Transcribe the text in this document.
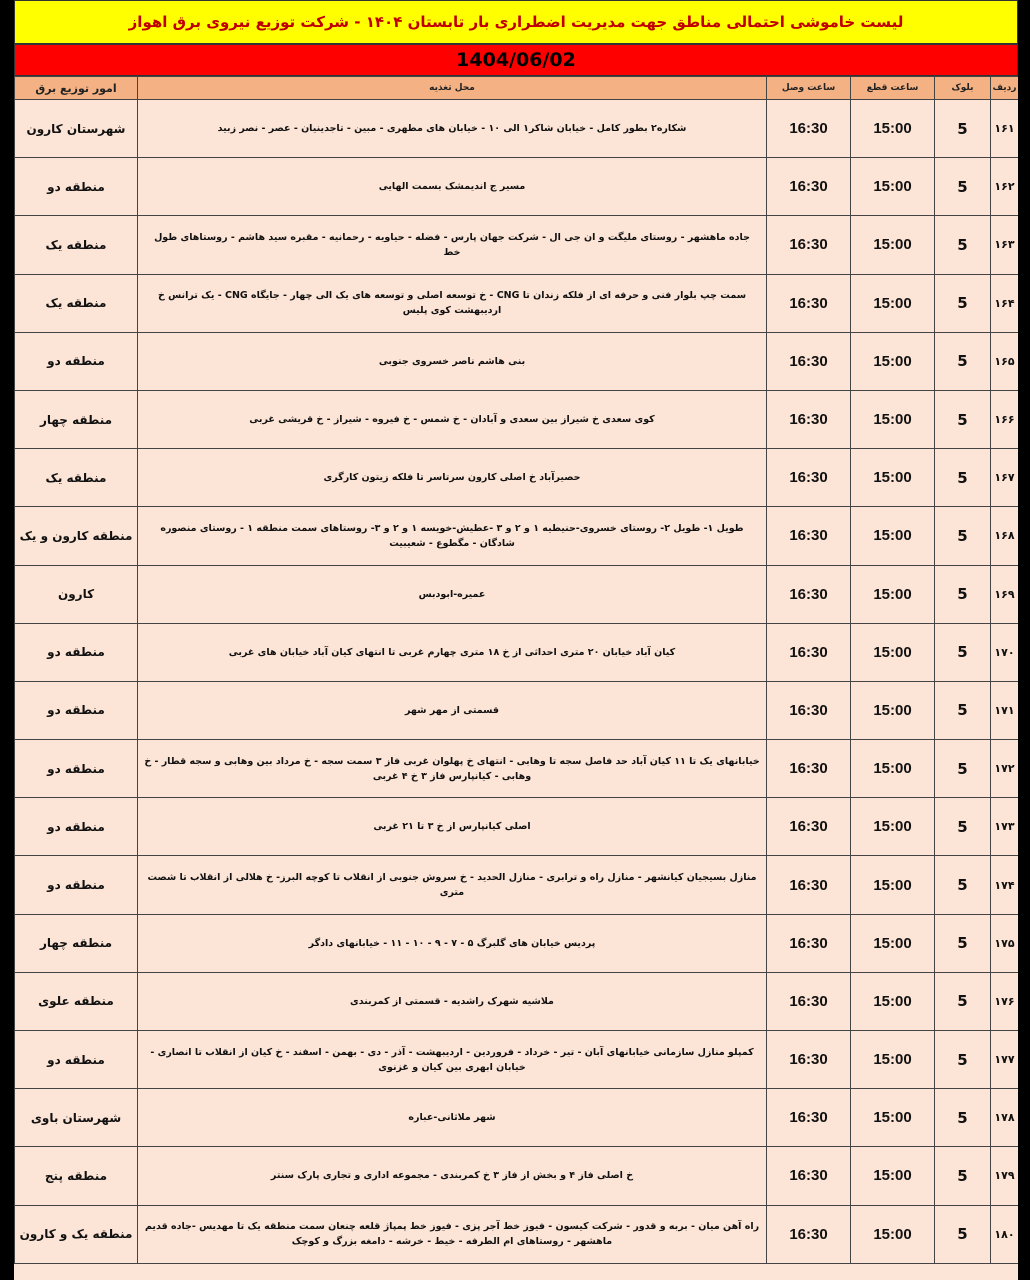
لیست خاموشی احتمالی مناطق جهت مدیریت اضطراری بار تابستان ۱۴۰۴ - شرکت توزیع نیروی برق اهواز
1404/06/02
ردیف	بلوک	ساعت قطع	ساعت وصل	محل تغذیه	امور توزیع برق
۱۶۱	5	15:00	16:30	شکاره۲ بطور کامل - خیابان شاکر۱ الی ۱۰ - خیابان های مطهری - مبین - تاجدینیان - عصر - نصر زبید	شهرستان کارون
۱۶۲	5	15:00	16:30	مسیر ج اندیمشک بسمت الهایی	منطقه دو
۱۶۳	5	15:00	16:30	جاده ماهشهر - روستای ملیگت و ان جی ال - شرکت جهان پارس - فضله - حیاویه - رحمانیه - مقبره سید هاشم - روستاهای طول خط	منطقه یک
۱۶۴	5	15:00	16:30	سمت چپ بلوار فنی و حرفه ای از فلکه زندان تا CNG - خ توسعه اصلی و توسعه های یک الی چهار - جایگاه CNG - یک ترانس خ اردیبهشت کوی پلیس	منطقه یک
۱۶۵	5	15:00	16:30	بنی هاشم ناصر خسروی جنوبی	منطقه دو
۱۶۶	5	15:00	16:30	کوی سعدی خ شیراز بین سعدی و آبادان - خ شمس - خ فیروه - شیراز - خ قریشی غربی	منطقه چهار
۱۶۷	5	15:00	16:30	حصیرآباد خ اصلی کارون سرتاسر تا فلکه زیتون کارگری	منطقه یک
۱۶۸	5	15:00	16:30	طویل ۱- طویل ۲- روستای خسروی-حنیطیه ۱ و ۲ و ۳ -عطیش-خویسه ۱ و ۲ و ۳- روستاهای سمت منطقه ۱ - روستای منصوره شادگان - مگطوع - شعیبیت	منطقه کارون و یک
۱۶۹	5	15:00	16:30	عمیره-ابودبس	کارون
۱۷۰	5	15:00	16:30	کیان آباد خیابان ۲۰ متری احداثی از خ ۱۸ متری چهارم غربی تا انتهای کیان آباد خیابان های غربی	منطقه دو
۱۷۱	5	15:00	16:30	قسمتی از مهر شهر	منطقه دو
۱۷۲	5	15:00	16:30	خیابانهای یک تا ۱۱ کیان آباد حد فاصل سجه تا وهابی - انتهای خ پهلوان غربی فاز ۳ سمت سجه - خ مرداد بین وهابی و سجه قطار - خ وهابی - کیانپارس فاز ۳ خ ۴ غربی	منطقه دو
۱۷۳	5	15:00	16:30	اصلی کیانپارس از خ ۳ تا ۲۱ غربی	منطقه دو
۱۷۴	5	15:00	16:30	منازل بسیجیان کیانشهر - منازل راه و ترابری - منازل الحدید - خ سروش جنوبی از انقلاب تا کوچه البرز- خ هلالی از انقلاب تا شصت متری	منطقه دو
۱۷۵	5	15:00	16:30	پردیس خیابان های گلبرگ ۵ - ۷ - ۹ - ۱۰ - ۱۱ - خیابانهای دادگر	منطقه چهار
۱۷۶	5	15:00	16:30	ملاشیه شهرک راشدیه - قسمتی از کمربندی	منطقه علوی
۱۷۷	5	15:00	16:30	کمپلو منازل سازمانی خیابانهای آبان - تیر - خرداد - فروردین - اردیبهشت - آذر - دی - بهمن - اسفند - خ کیان از انقلاب تا انصاری - خیابان ابهری بین کیان و غزنوی	منطقه دو
۱۷۸	5	15:00	16:30	شهر ملاثانی-عباره	شهرستان باوی
۱۷۹	5	15:00	16:30	خ اصلی فاز ۴ و بخش از فاز ۳ خ کمربندی - مجموعه اداری و تجاری پارک سنتر	منطقه پنج
۱۸۰	5	15:00	16:30	راه آهن میان - بربه و قدور - شرکت کیسون - فیوز خط آجر پزی - فیوز خط پمپاژ قلعه چنعان سمت منطقه یک تا مهدیس -جاده قدیم ماهشهر - روستاهای ام الطرفه - خیط - خرشه - دامغه بزرگ و کوچک	منطقه یک و کارون
